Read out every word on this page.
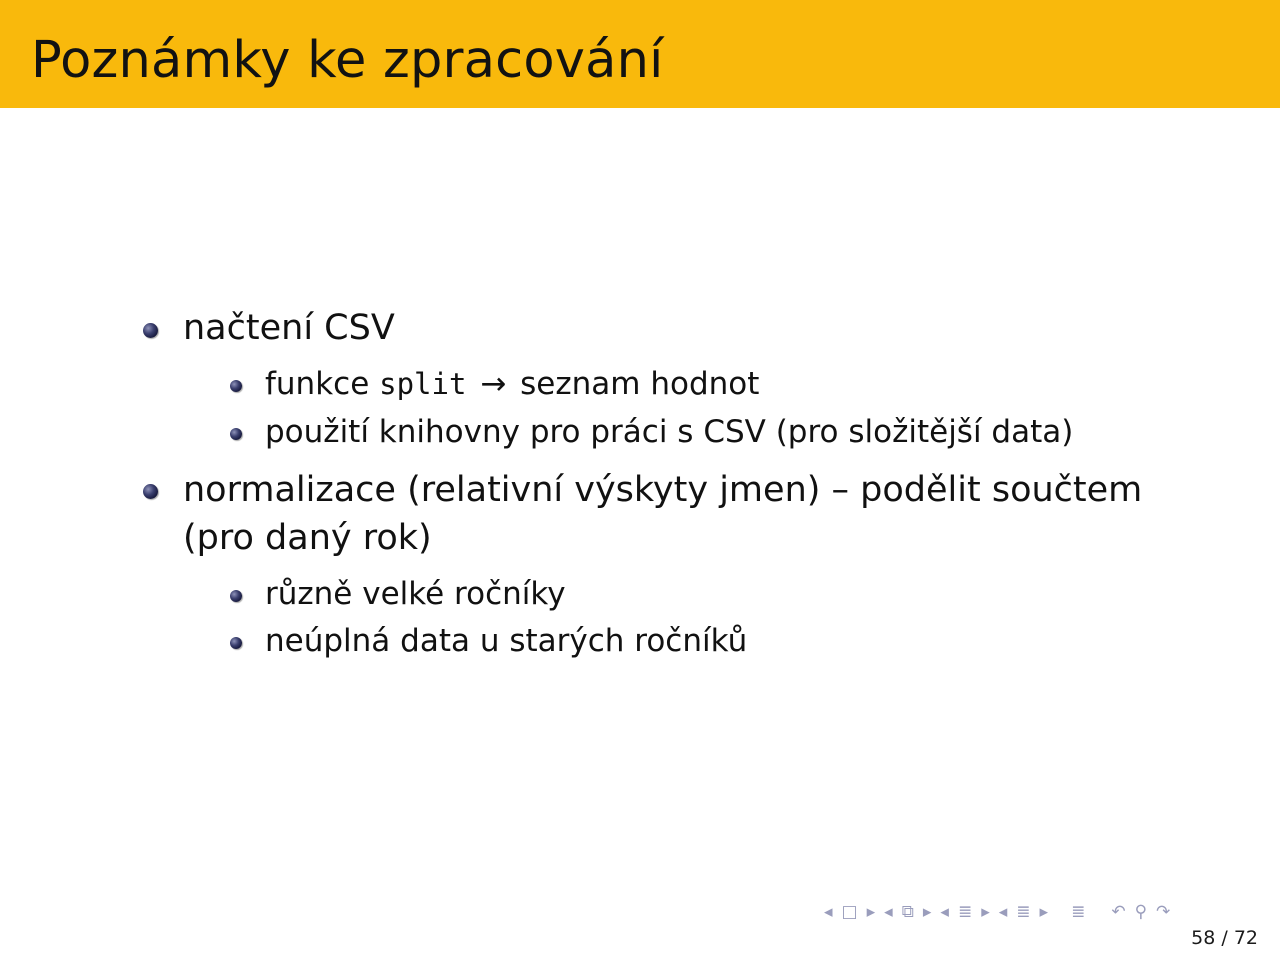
Poznámky ke zpracování
načtení CSV
funkce split → seznam hodnot
použití knihovny pro práci s CSV (pro složitější data)
normalizace (relativní výskyty jmen) – podělit součtem
(pro daný rok)
různě velké ročníky
neúplná data u starých ročníků
◂ □ ▸ ◂ ⧉ ▸ ◂ ≣ ▸ ◂ ≣ ▸ ≣ ↶ ⚲ ↷
58 / 72
